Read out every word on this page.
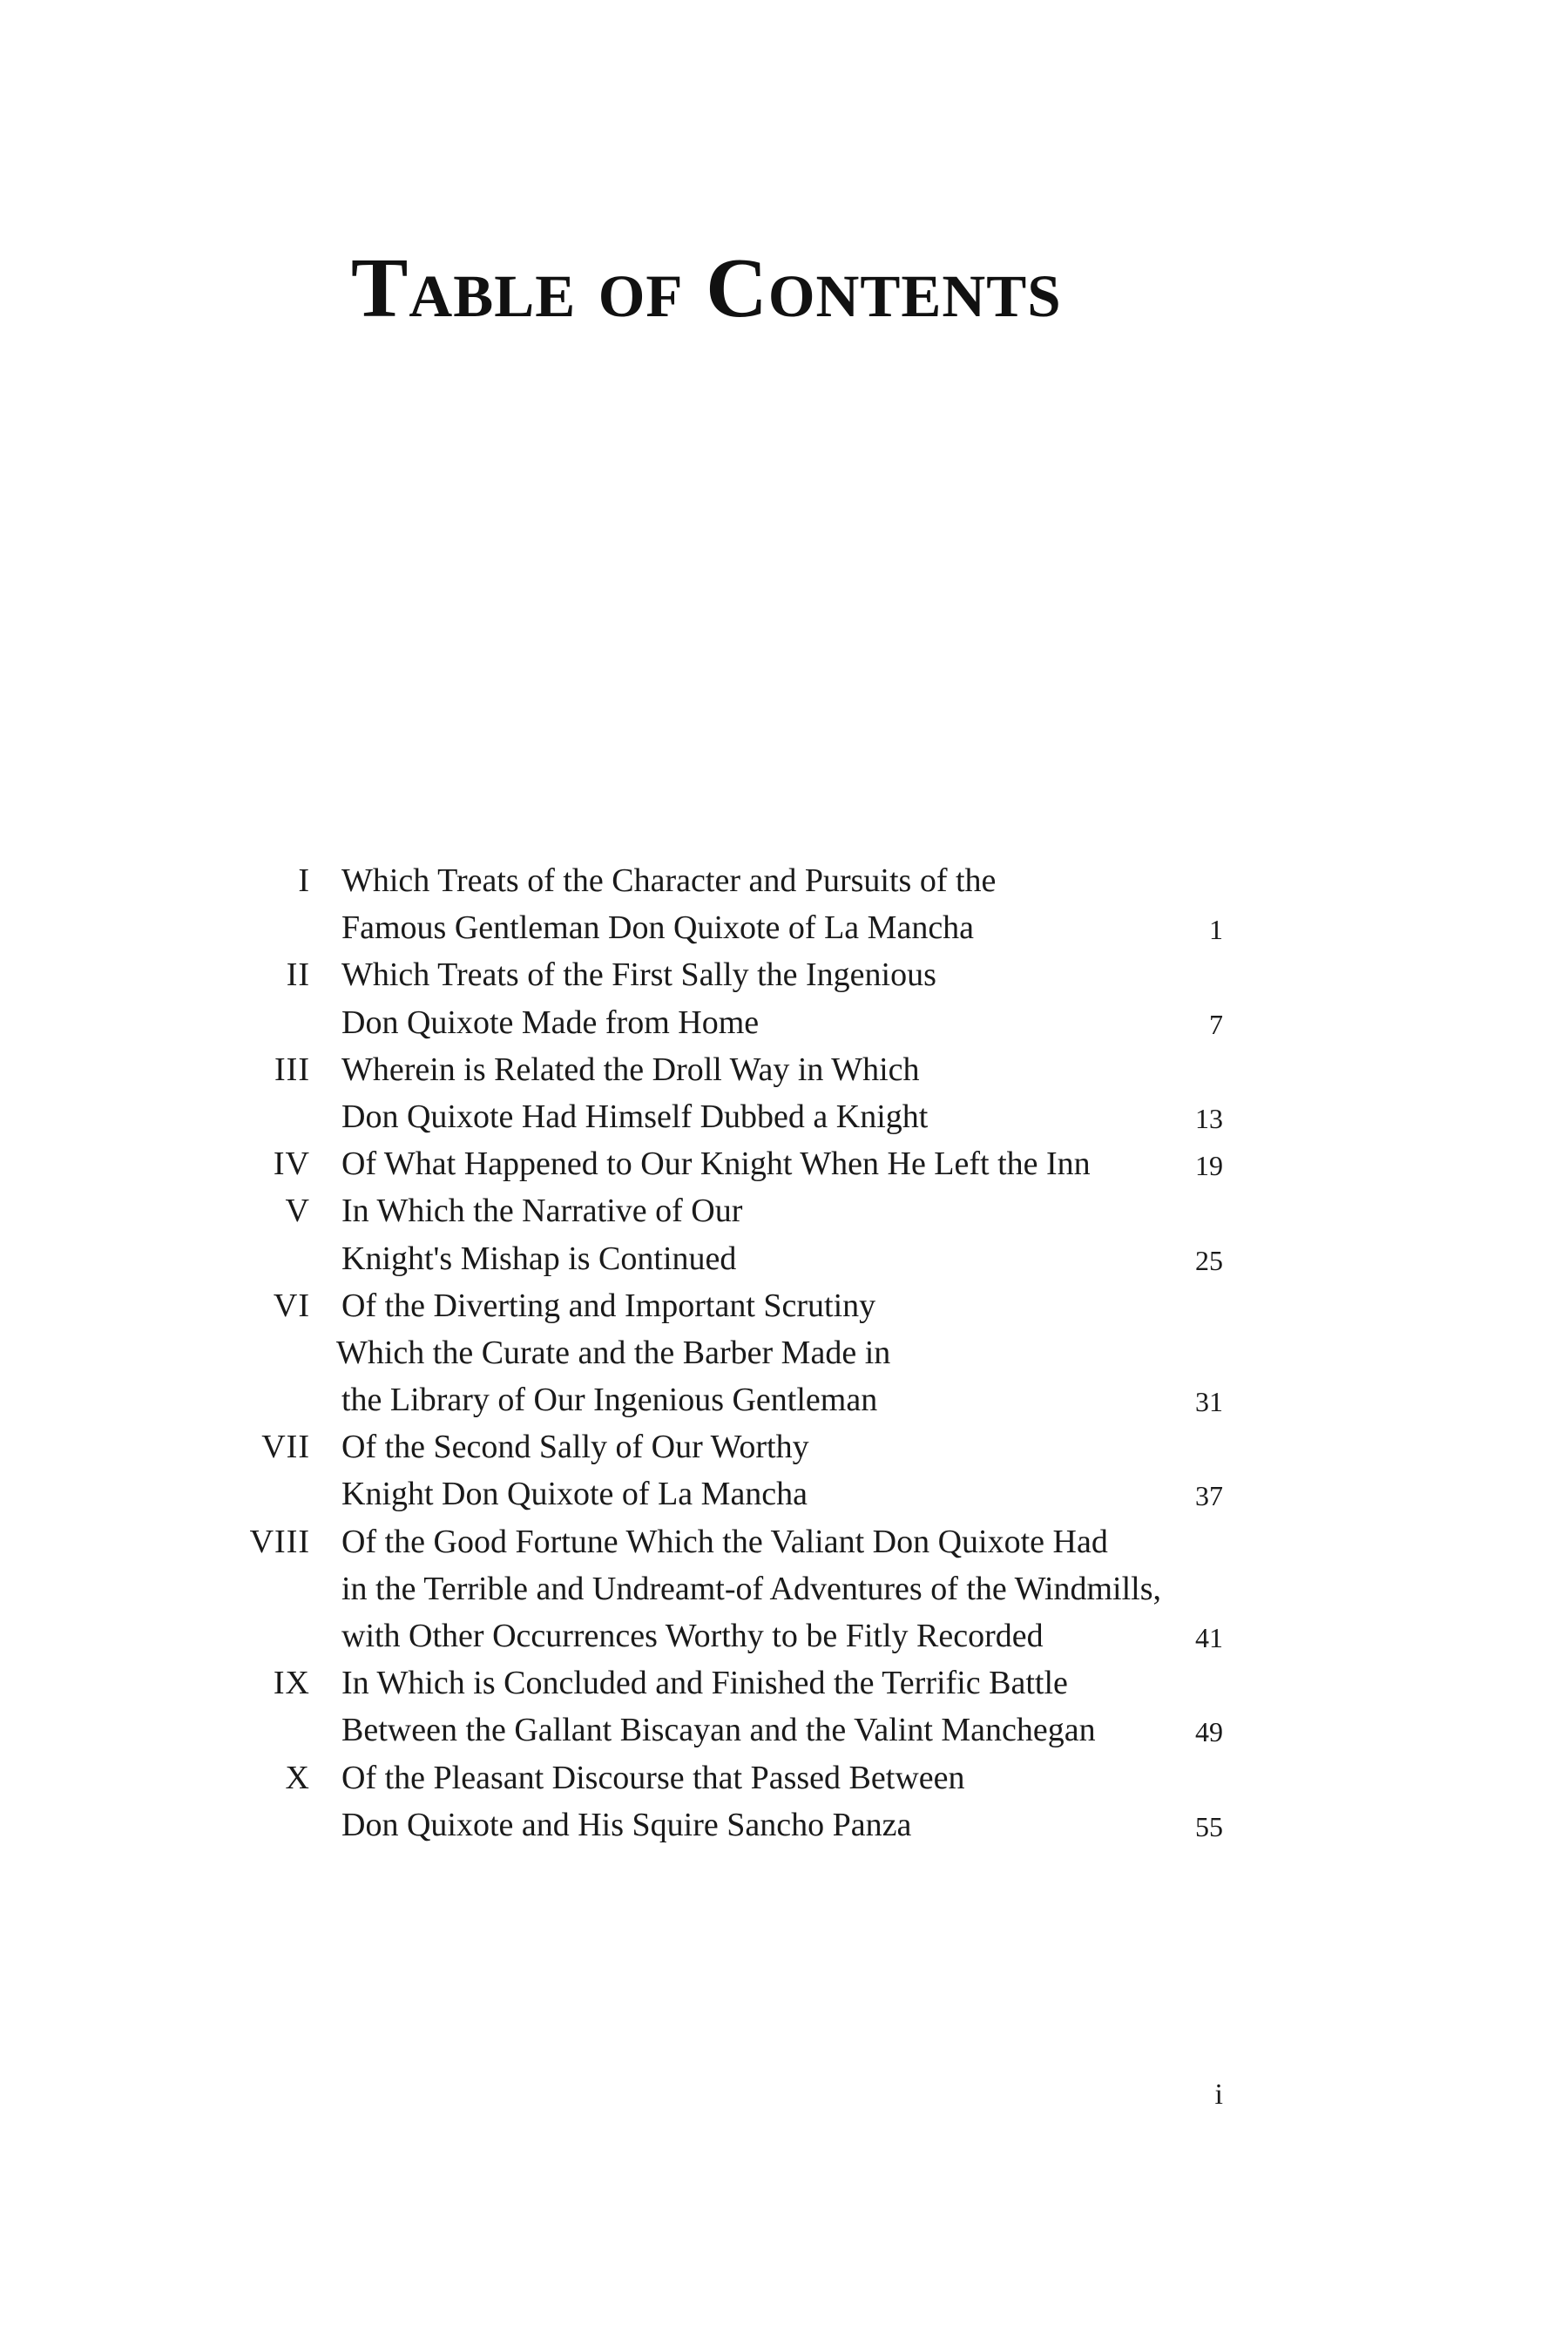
Table of Contents
I Which Treats of the Character and Pursuits of the
Famous Gentleman Don Quixote of La Mancha	1
II Which Treats of the First Sally the Ingenious
Don Quixote Made from Home	7
III Wherein is Related the Droll Way in Which
Don Quixote Had Himself Dubbed a Knight	13
IV Of What Happened to Our Knight When He Left the Inn	19
V In Which the Narrative of Our
Knight's Mishap is Continued	25
VI Of the Diverting and Important Scrutiny
Which the Curate and the Barber Made in
the Library of Our Ingenious Gentleman	31
VII Of the Second Sally of Our Worthy
Knight Don Quixote of La Mancha	37
VIII Of the Good Fortune Which the Valiant Don Quixote Had
in the Terrible and Undreamt-of Adventures of the Windmills,
with Other Occurrences Worthy to be Fitly Recorded	41
IX In Which is Concluded and Finished the Terrific Battle
Between the Gallant Biscayan and the Valint Manchegan	49
X Of the Pleasant Discourse that Passed Between
Don Quixote and His Squire Sancho Panza	55
i
